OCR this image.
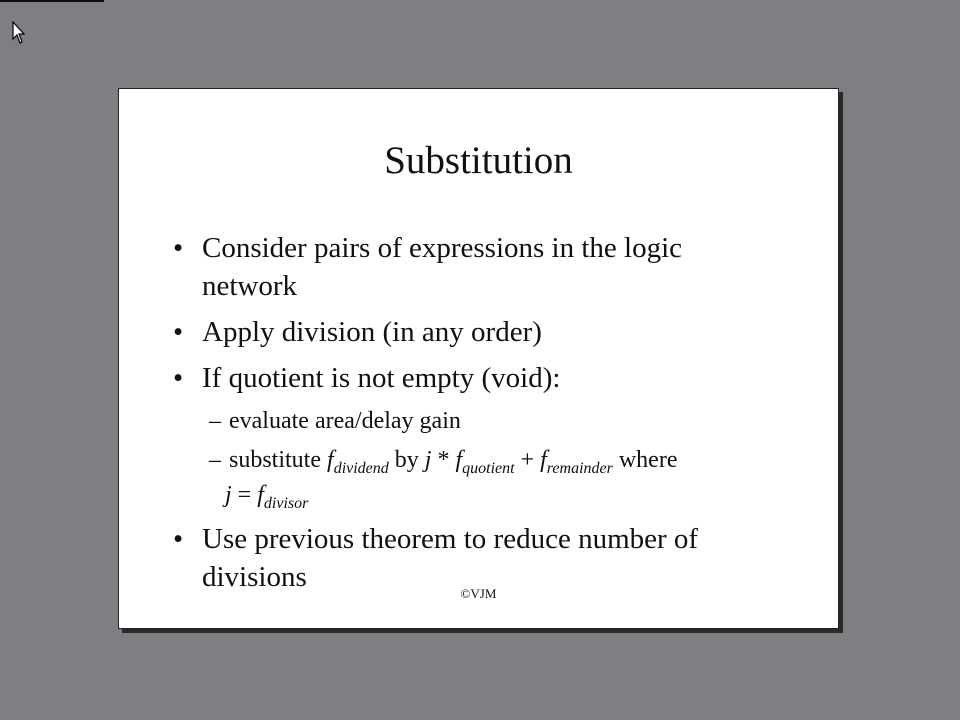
Substitution
• Consider pairs of expressions in the logic network
• Apply division (in any order)
• If quotient is not empty (void):
– evaluate area/delay gain
– substitute $f_{dividend}$ by $j * f_{quotient} + f_{remainder}$ where
$j = f_{divisor}$
• Use previous theorem to reduce number of divisions
©VJM
